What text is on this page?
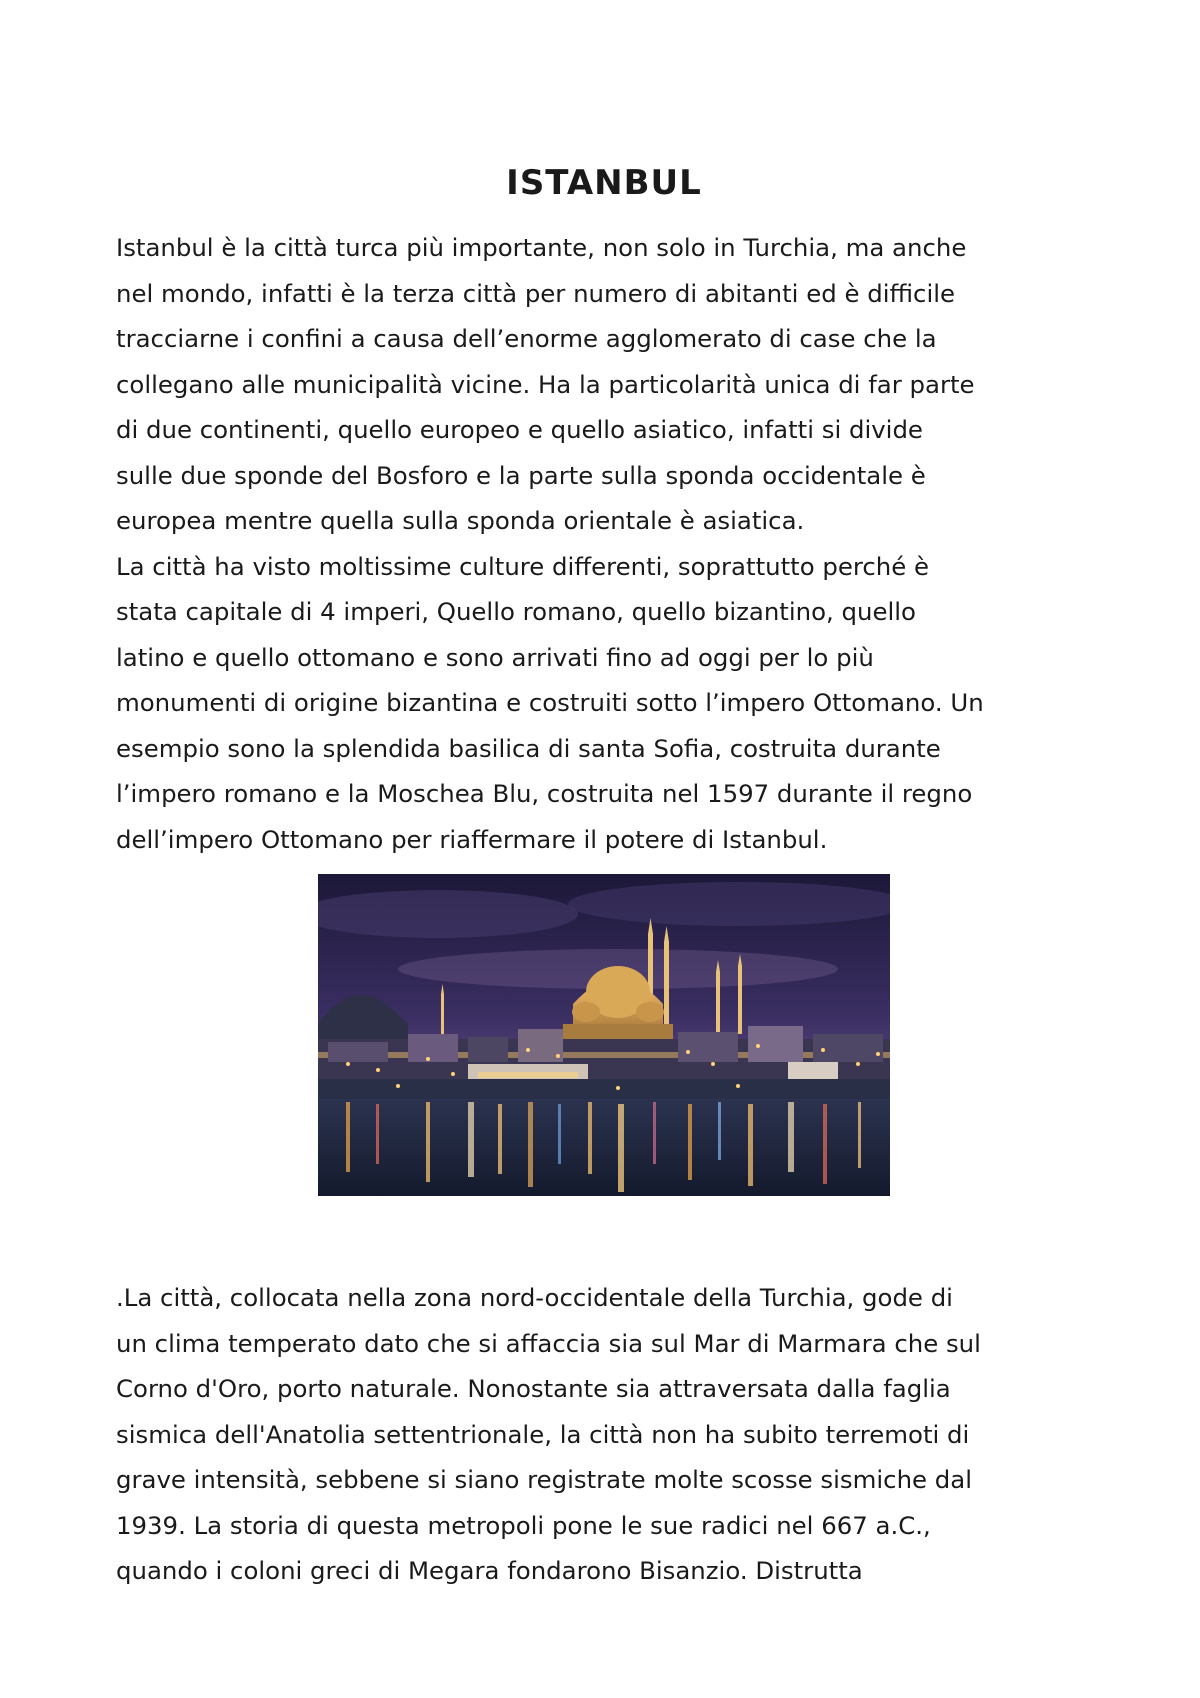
ISTANBUL
Istanbul è la città turca più importante, non solo in Turchia, ma anche
nel mondo, infatti è la terza città per numero di abitanti ed è difficile
tracciarne i confini a causa dell’enorme agglomerato di case che la
collegano alle municipalità vicine. Ha la particolarità unica di far parte
di due continenti, quello europeo e quello asiatico, infatti si divide
sulle due sponde del Bosforo e la parte sulla sponda occidentale è
europea mentre quella sulla sponda orientale è asiatica.
La città ha visto moltissime culture differenti, soprattutto perché è
stata capitale di 4 imperi, Quello romano, quello bizantino, quello
latino e quello ottomano e sono arrivati fino ad oggi per lo più
monumenti di origine bizantina e costruiti sotto l’impero Ottomano. Un
esempio sono la splendida basilica di santa Sofia, costruita durante
l’impero romano e la Moschea Blu, costruita nel 1597 durante il regno
dell’impero Ottomano per riaffermare il potere di Istanbul.
.La città, collocata nella zona nord-occidentale della Turchia, gode di
un clima temperato dato che si affaccia sia sul Mar di Marmara che sul
Corno d'Oro, porto naturale. Nonostante sia attraversata dalla faglia
sismica dell'Anatolia settentrionale, la città non ha subito terremoti di
grave intensità, sebbene si siano registrate molte scosse sismiche dal
1939. La storia di questa metropoli pone le sue radici nel 667 a.C.,
quando i coloni greci di Megara fondarono Bisanzio. Distrutta
